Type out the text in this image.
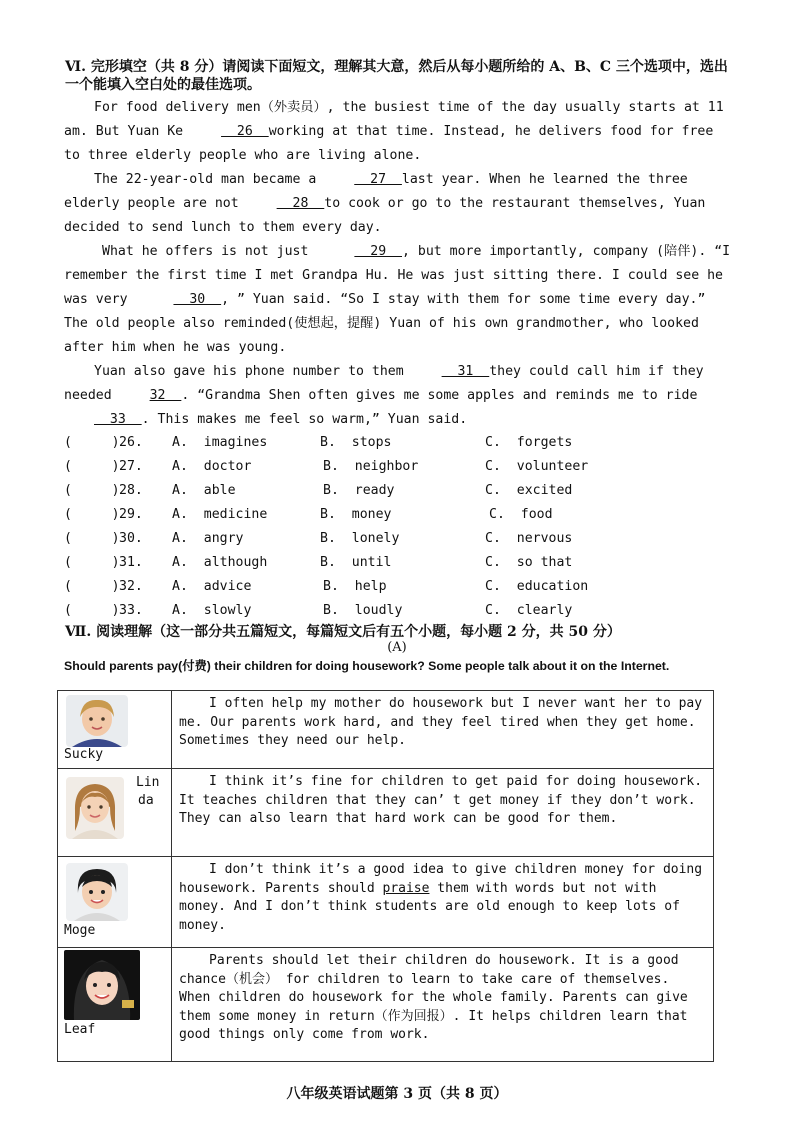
Ⅵ. 完形填空（共 8 分）请阅读下面短文，理解其大意，然后从每小题所给的 A、B、C 三个选项中，选出一个能填入空白处的最佳选项。

For food delivery men（外卖员）, the busiest time of the day usually starts at 11 am. But Yuan Ke   26  working at that time. Instead, he delivers food for free to three elderly people who are living alone.

The 22-year-old man became a   27  last year. When he learned the three elderly people are not   28  to cook or go to the restaurant themselves, Yuan decided to send lunch to them every day.

What he offers is not just	29  , but more importantly, company (陪伴). “I remember the first time I met Grandpa Hu. He was just sitting there. I could see he was very	30  , ” Yuan said. “So I stay with them for some time every day.” The old people also reminded(使想起，提醒) Yuan of his own grandmother, who looked after him when he was young.

Yuan also gave his phone number to them   31  they could call him if they needed 32  . “Grandma Shen often gives me some apples and reminds me to ride   33  . This makes me feel so warm,” Yuan said.

(     ) 26. A.  imagines	B.  stops	C.  forgets
(     ) 27. A.  doctor	B.  neighbor	C.  volunteer
(     ) 28. A.  able	B.  ready	C.  excited
(     ) 29. A.  medicine	B.  money	C.  food
(     ) 30. A.  angry	B.  lonely	C.  nervous
(     ) 31. A.  although	B.  until	C.  so that
(     ) 32. A.  advice	B.  help	C.  education
(     ) 33. A.  slowly	B.  loudly	C.  clearly
Ⅶ. 阅读理解（这一部分共五篇短文，每篇短文后有五个小题，每小题 2 分，共 50 分）
(A)
Should parents pay(付费) their children for doing housework? Some people talk about it on the Internet.
Sucky	I often help my mother do housework but I never want her to pay me. Our parents work hard, and they feel tired when they get home. Sometimes they need our help.

Lin
da	I think it’s fine for children to get paid for doing housework. It teaches children that they can’ t get money if they don’t work. They can also learn that hard work can be good for them.

Moge	I don’t think it’s a good idea to give children money for doing housework. Parents should praise them with words but not with money. And I don’t think students are old enough to keep lots of money.

Leaf	Parents should let their children do housework. It is a good chance（机会） for children to learn to take care of themselves. When children do housework for the whole family. Parents can give them some money in return（作为回报）. It helps children learn that good things only come from work.
八年级英语试题第 3 页（共 8 页）
